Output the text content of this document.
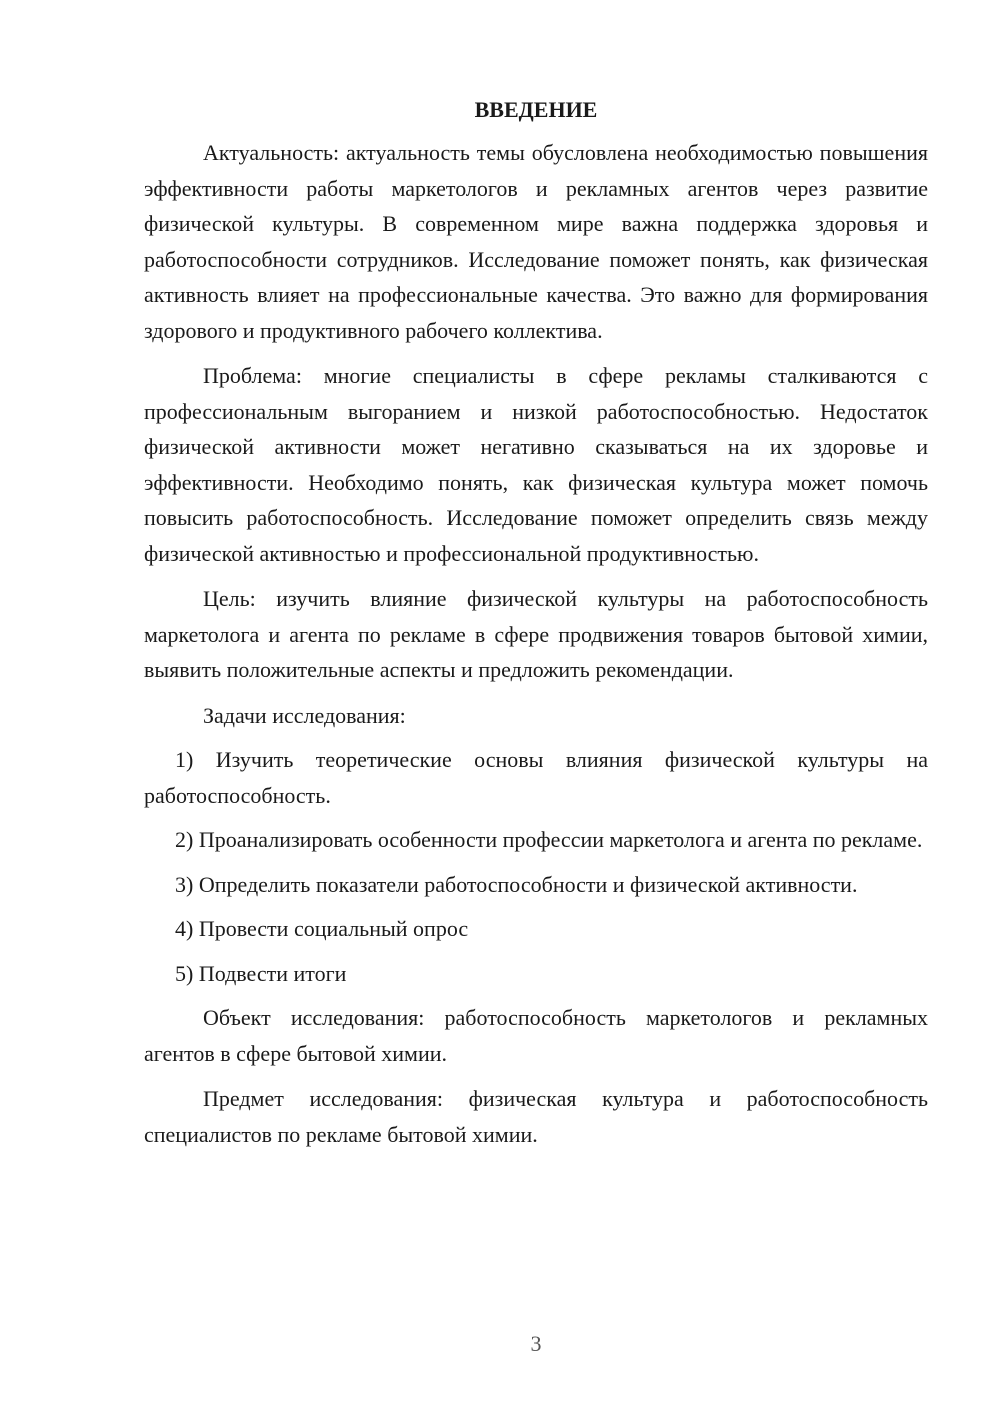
ВВЕДЕНИЕ

Актуальность: актуальность темы обусловлена необходимостью повышения эффективности работы маркетологов и рекламных агентов через развитие физической культуры. В современном мире важна поддержка здоровья и работоспособности сотрудников. Исследование поможет понять, как физическая активность влияет на профессиональные качества. Это важно для формирования здорового и продуктивного рабочего коллектива.

Проблема: многие специалисты в сфере рекламы сталкиваются с профессиональным выгоранием и низкой работоспособностью. Недостаток физической активности может негативно сказываться на их здоровье и эффективности. Необходимо понять, как физическая культура может помочь повысить работоспособность. Исследование поможет определить связь между физической активностью и профессиональной продуктивностью.

Цель: изучить влияние физической культуры на работоспособность маркетолога и агента по рекламе в сфере продвижения товаров бытовой химии, выявить положительные аспекты и предложить рекомендации.

Задачи исследования:

1) Изучить теоретические основы влияния физической культуры на работоспособность.

2) Проанализировать особенности профессии маркетолога и агента по рекламе.

3) Определить показатели работоспособности и физической активности.

4) Провести социальный опрос

5) Подвести итоги

Объект исследования: работоспособность маркетологов и рекламных агентов в сфере бытовой химии.

Предмет исследования: физическая культура и работоспособность специалистов по рекламе бытовой химии.

3
